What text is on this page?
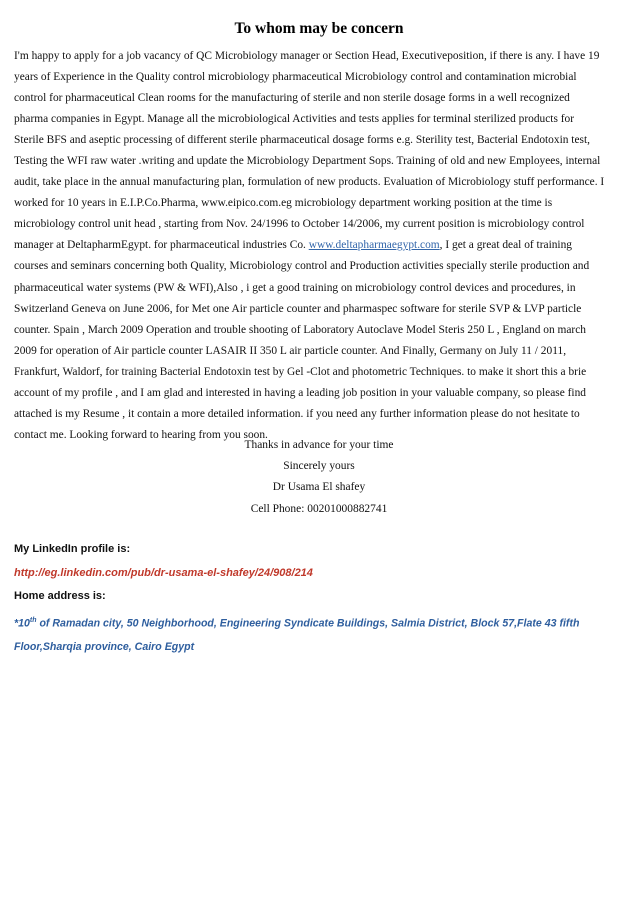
To whom may be concern
I'm happy to apply for a job vacancy of QC Microbiology manager or Section Head, Executiveposition, if there is any. I have 19
years of Experience in the Quality control microbiology pharmaceutical Microbiology control and contamination microbial
control for pharmaceutical Clean rooms for the manufacturing of sterile and non sterile dosage forms in a well recognized
pharma companies in Egypt. Manage all the microbiological Activities and tests applies for terminal sterilized products for
Sterile BFS and aseptic processing of different sterile pharmaceutical dosage forms e.g. Sterility test, Bacterial Endotoxin test,
Testing the WFI raw water .writing and update the Microbiology Department Sops. Training of old and new Employees, internal
audit, take place in the annual manufacturing plan, formulation of new products. Evaluation of Microbiology stuff performance. I
worked for 10 years in E.I.P.Co.Pharma, www.eipico.com.eg microbiology department working position at the time is
microbiology control unit head , starting from Nov. 24/1996 to October 14/2006, my current position is microbiology control
manager at DeltapharmEgypt. for pharmaceutical industries Co. www.deltapharmaegypt.com, I get a great deal of training
courses and seminars concerning both Quality, Microbiology control and Production activities specially sterile production and
pharmaceutical water systems (PW & WFI),Also , i get a good training on microbiology control devices and procedures, in
Switzerland Geneva on June 2006, for Met one Air particle counter and pharmaspec software for sterile SVP & LVP particle
counter. Spain , March 2009 Operation and trouble shooting of Laboratory Autoclave Model Steris 250 L , England on march
2009 for operation of Air particle counter LASAIR II 350 L air particle counter. And Finally, Germany on July 11 / 2011,
Frankfurt, Waldorf, for training Bacterial Endotoxin test by Gel -Clot and photometric Techniques. to make it short this a brie
account of my profile , and I am glad and interested in having a leading job position in your valuable company, so please find
attached is my Resume , it contain a more detailed information. if you need any further information please do not hesitate to
contact me. Looking forward to hearing from you soon.
Thanks in advance for your time
Sincerely yours
Dr Usama El shafey
Cell Phone: 00201000882741
My LinkedIn profile is:
http://eg.linkedin.com/pub/dr-usama-el-shafey/24/908/214
Home address is:
*10th of Ramadan city, 50 Neighborhood, Engineering Syndicate Buildings, Salmia District, Block 57,Flate 43 fifth Floor,Sharqia province, Cairo Egypt
